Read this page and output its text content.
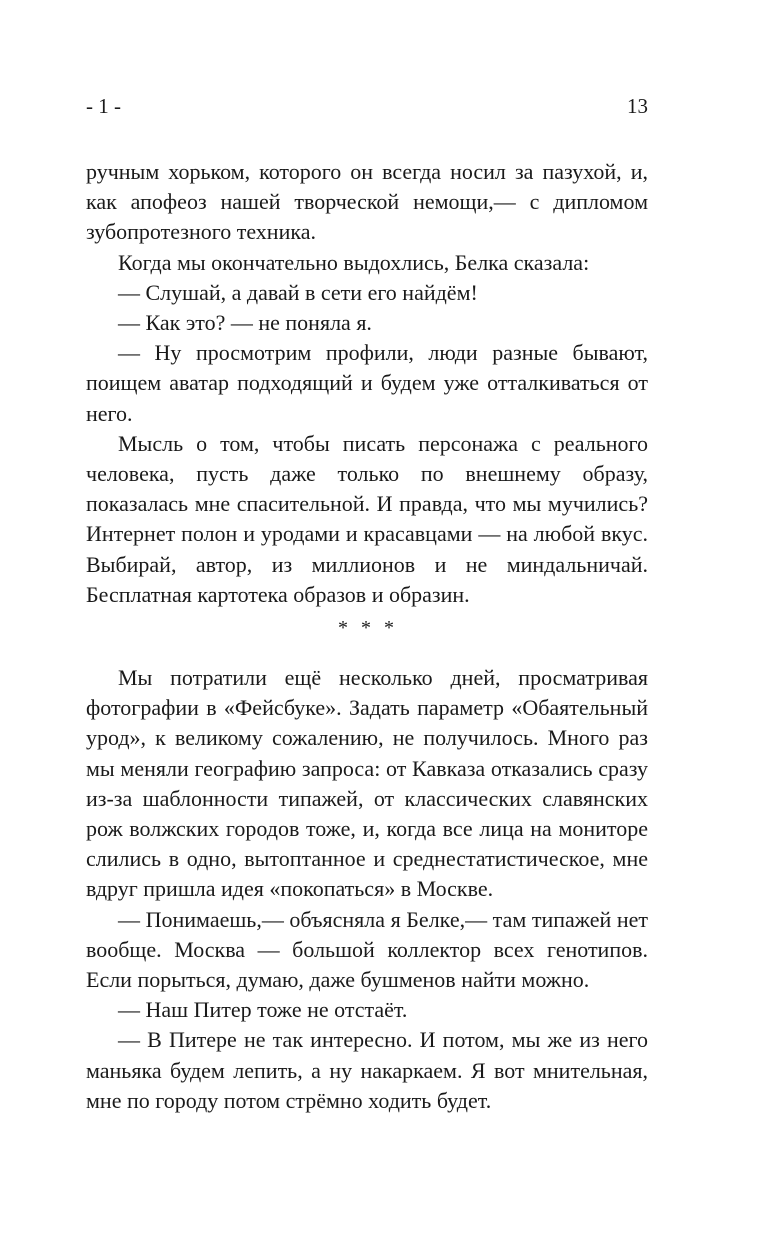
- 1 -	13

ручным хорьком, которого он всегда носил за пазухой, и, как апофеоз нашей творческой немощи,— с дипломом зубопротезного техника.

Когда мы окончательно выдохлись, Белка сказала:

— Слушай, а давай в сети его найдём!

— Как это? — не поняла я.

— Ну просмотрим профили, люди разные бывают, поищем аватар подходящий и будем уже отталкиваться от него.

Мысль о том, чтобы писать персонажа с реального человека, пусть даже только по внешнему образу, показалась мне спасительной. И правда, что мы мучились? Интернет полон и уродами и красавцами — на любой вкус. Выбирай, автор, из миллионов и не миндальничай. Бесплатная картотека образов и образин.

* * *

Мы потратили ещё несколько дней, просматривая фотографии в «Фейсбуке». Задать параметр «Обаятельный урод», к великому сожалению, не получилось. Много раз мы меняли географию запроса: от Кавказа отказались сразу из-за шаблонности типажей, от классических славянских рож волжских городов тоже, и, когда все лица на мониторе слились в одно, вытоптанное и среднестатистическое, мне вдруг пришла идея «покопаться» в Москве.

— Понимаешь,— объясняла я Белке,— там типажей нет вообще. Москва — большой коллектор всех генотипов. Если порыться, думаю, даже бушменов найти можно.

— Наш Питер тоже не отстаёт.

— В Питере не так интересно. И потом, мы же из него маньяка будем лепить, а ну накаркаем. Я вот мнительная, мне по городу потом стрёмно ходить будет.
